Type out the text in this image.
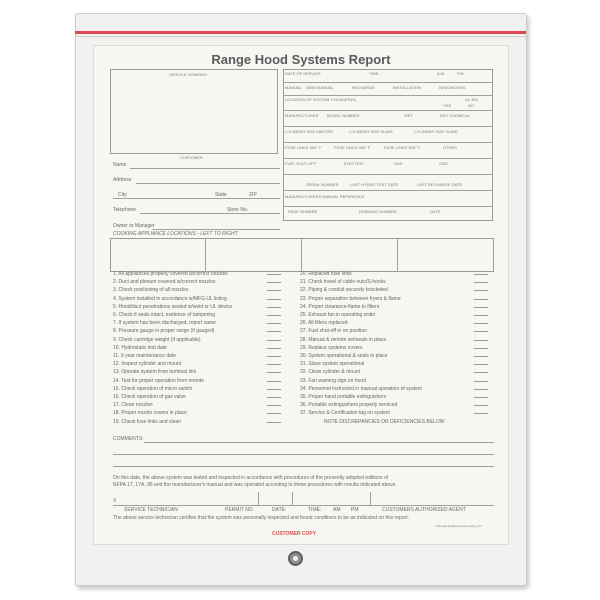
Range Hood Systems Report
SERVICE COMPANY
CUSTOMER
Name
Address
City	State	ZIP
Telephone	Store No.
Owner or Manager
DATE OF SERVICE	TIME	A.M.	P.M.
MANUAL SEMI MANUAL	RECHARGE	INSTALLATION	RENOVATION
LOCATION OF SYSTEM CYLINDER(S)	UL 300
YES	NO
MANUFACTURER MODEL NUMBER	WET	DRY CHEMICAL
CYLINDER SIZE MASTER	CYLINDER SIZE SLAVE	CYLINDER SIZE SLAVE
FUSE LINKS 350° F	FUSE LINKS 450° F	FUSE LINKS 500° F	OTHER
FUEL SHUT-OFF	ELECTRIC	GAS	SIZE
SERIAL NUMBER	LAST HYDRO TEST DATE	LAST RECHARGE DATE
MANUFACTURERS MANUAL REFERENCE
PAGE NUMBER	DRAWING NUMBER	DATE
COOKING APPLIANCE LOCATIONS - LEFT TO RIGHT
1. All appliances properly covered w/correct nozzles
2. Duct and plenum covered w/correct nozzles
3. Check positioning of all nozzles
4. System installed in accordance w/MFG UL listing
5. Hood/duct penetrations sealed w/weld or UL device
6. Check if seals intact, evidence of tampering
7. If system has been discharged, report same
8. Pressure gauge in proper range (if gauged)
9. Check cartridge weight (if applicable)
10. Hydrostatic test date
11. 6 year maintenance date
12. Inspect cylinder and mount
13. Operate system from terminal link
14. Test for proper operation from remote
15. Check operation of micro switch
16. Check operation of gas valve
17. Clean nozzles
18. Proper nozzle covers in place
19. Check fuse links and clean
20. Replaced fuse links
21. Check travel of cable nuts/S-hooks
22. Piping & conduit securely bracketed
23. Proper separation between fryers & flame
24. Proper clearance-flame to filters
25. Exhaust fan in operating order
26. All filters replaced
27. Fuel shut-off in on position
28. Manual & remote set/seals in place
29. Replace systems covers
30. System operational & seals in place
31. Slave system operational
32. Clean cylinder & mount
33. Fan warning sign on hood
34. Personnel instructed in manual operation of system
35. Proper hand portable extinguishers
36. Portable extinguishers properly serviced
37. Service & Certification tag on system
NOTE DISCREPANCIES OR DEFICIENCIES BELOW
COMMENTS:
On this date, the above system was tested and inspected in accordance with procedures of the presently adopted editions of
NFPA 17, 17A, 96 and the manufacturer's manual and was operated according to these procedures with results indicated above.
X
SERVICE TECHNICIAN	PERMIT NO.	DATE:	TIME: AM PM	CUSTOMERS AUTHORIZED AGENT
The above service technician certifies that the system was personally inspected and found conditions to be as indicated on this report.
© Brooks Equipment Company, Inc.
CUSTOMER COPY
